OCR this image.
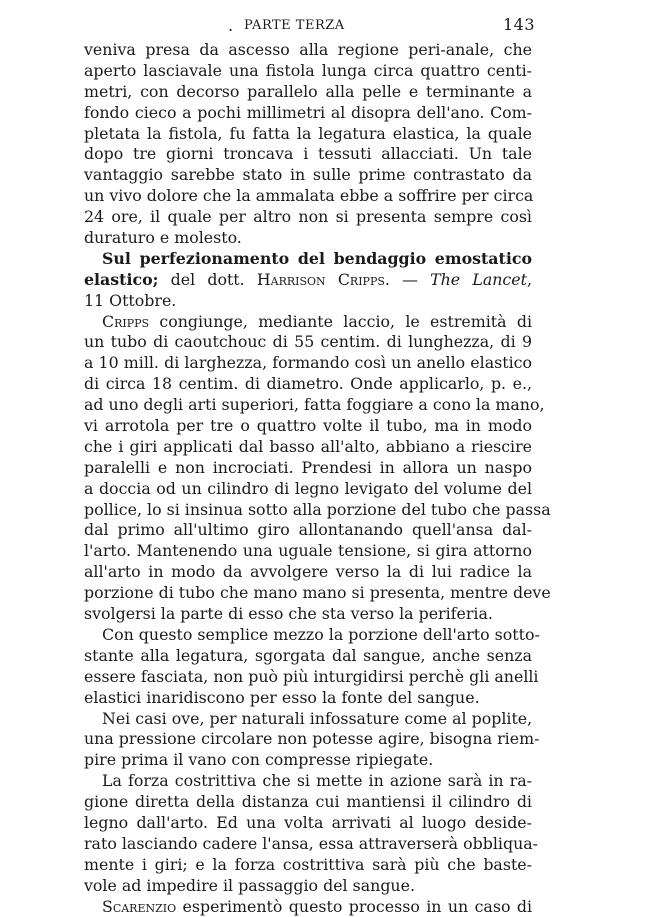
. PARTE TERZA	143
veniva presa da ascesso alla regione peri-anale, che
aperto lasciavale una fistola lunga circa quattro centi-
metri, con decorso parallelo alla pelle e terminante a
fondo cieco a pochi millimetri al disopra dell'ano. Com-
pletata la fistola, fu fatta la legatura elastica, la quale
dopo tre giorni troncava i tessuti allacciati. Un tale
vantaggio sarebbe stato in sulle prime contrastato da
un vivo dolore che la ammalata ebbe a soffrire per circa
24 ore, il quale per altro non si presenta sempre così
duraturo e molesto.
Sul perfezionamento del bendaggio emostatico
elastico; del dott. Harrison Cripps. — The Lancet,
11 Ottobre.
Cripps congiunge, mediante laccio, le estremità di
un tubo di caoutchouc di 55 centim. di lunghezza, di 9
a 10 mill. di larghezza, formando così un anello elastico
di circa 18 centim. di diametro. Onde applicarlo, p. e.,
ad uno degli arti superiori, fatta foggiare a cono la mano,
vi arrotola per tre o quattro volte il tubo, ma in modo
che i giri applicati dal basso all'alto, abbiano a riescire
paralelli e non incrociati. Prendesi in allora un naspo
a doccia od un cilindro di legno levigato del volume del
pollice, lo si insinua sotto alla porzione del tubo che passa
dal primo all'ultimo giro allontanando quell'ansa dal-
l'arto. Mantenendo una uguale tensione, si gira attorno
all'arto in modo da avvolgere verso la di lui radice la
porzione di tubo che mano mano si presenta, mentre deve
svolgersi la parte di esso che sta verso la periferia.
Con questo semplice mezzo la porzione dell'arto sotto-
stante alla legatura, sgorgata dal sangue, anche senza
essere fasciata, non può più inturgidirsi perchè gli anelli
elastici inaridiscono per esso la fonte del sangue.
Nei casi ove, per naturali infossature come al poplite,
una pressione circolare non potesse agire, bisogna riem-
pire prima il vano con compresse ripiegate.
La forza costrittiva che si mette in azione sarà in ra-
gione diretta della distanza cui mantiensi il cilindro di
legno dall'arto. Ed una volta arrivati al luogo deside-
rato lasciando cadere l'ansa, essa attraverserà obbliqua-
mente i giri; e la forza costrittiva sarà più che baste-
vole ad impedire il passaggio del sangue.
Scarenzio esperimentò questo processo in un caso di
